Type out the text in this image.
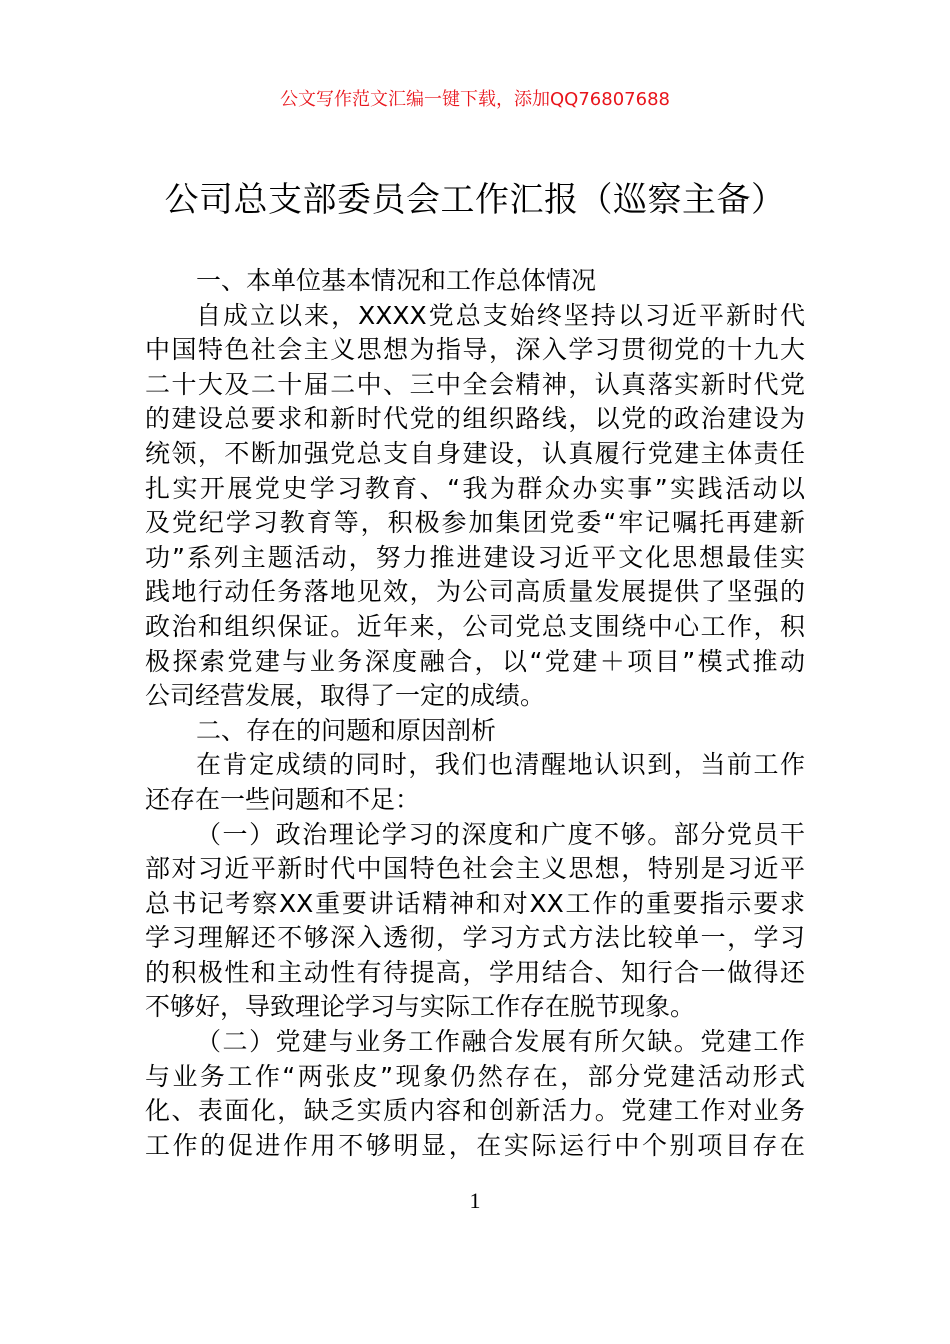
公文写作范文汇编一键下载，添加QQ76807688
公司总支部委员会工作汇报（巡察主备）
一、本单位基本情况和工作总体情况
自成立以来，XXXX党总支始终坚持以习近平新时代
中国特色社会主义思想为指导，深入学习贯彻党的十九大
二十大及二十届二中、三中全会精神，认真落实新时代党
的建设总要求和新时代党的组织路线，以党的政治建设为
统领，不断加强党总支自身建设，认真履行党建主体责任
扎实开展党史学习教育、“我为群众办实事”实践活动以
及党纪学习教育等，积极参加集团党委“牢记嘱托再建新
功”系列主题活动，努力推进建设习近平文化思想最佳实
践地行动任务落地见效，为公司高质量发展提供了坚强的
政治和组织保证。近年来，公司党总支围绕中心工作，积
极探索党建与业务深度融合，以“党建＋项目”模式推动
公司经营发展，取得了一定的成绩。
二、存在的问题和原因剖析
在肯定成绩的同时，我们也清醒地认识到，当前工作
还存在一些问题和不足：
（一）政治理论学习的深度和广度不够。部分党员干
部对习近平新时代中国特色社会主义思想，特别是习近平
总书记考察XX重要讲话精神和对XX工作的重要指示要求
学习理解还不够深入透彻，学习方式方法比较单一，学习
的积极性和主动性有待提高，学用结合、知行合一做得还
不够好，导致理论学习与实际工作存在脱节现象。
（二）党建与业务工作融合发展有所欠缺。党建工作
与业务工作“两张皮”现象仍然存在，部分党建活动形式
化、表面化，缺乏实质内容和创新活力。党建工作对业务
工作的促进作用不够明显，在实际运行中个别项目存在
1
